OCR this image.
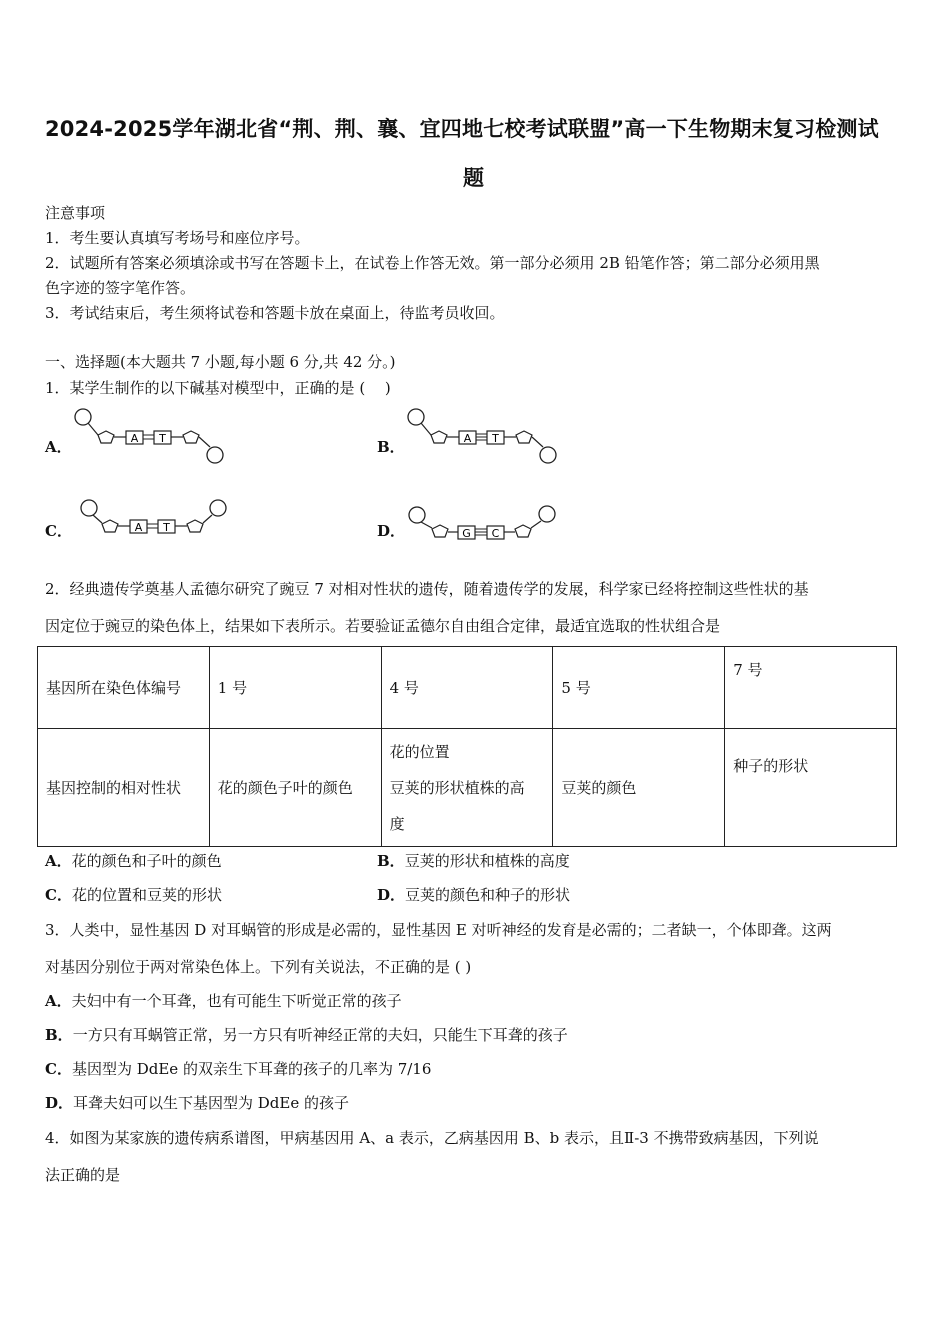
2024-2025学年湖北省“荆、荆、襄、宜四地七校考试联盟”高一下生物期末复习检测试
题
注意事项
1．考生要认真填写考场号和座位序号。
2．试题所有答案必须填涂或书写在答题卡上，在试卷上作答无效。第一部分必须用 2B 铅笔作答；第二部分必须用黑
色字迹的签字笔作答。
3．考试结束后，考生须将试卷和答题卡放在桌面上，待监考员收回。
一、选择题(本大题共 7 小题,每小题 6 分,共 42 分。)
1．某学生制作的以下碱基对模型中，正确的是 (　 )
A．	A T	B．	A T
C．	A T	D．	G C
2．经典遗传学奠基人孟德尔研究了豌豆 7 对相对性状的遗传，随着遗传学的发展，科学家已经将控制这些性状的基
因定位于豌豆的染色体上，结果如下表所示。若要验证孟德尔自由组合定律，最适宜选取的性状组合是
基因所在染色体编号	1 号	4 号	5 号	7 号
基因控制的相对性状	花的颜色子叶的颜色	花的位置
豆荚的形状植株的高
度	豆荚的颜色	种子的形状
A．花的颜色和子叶的颜色	B．豆荚的形状和植株的高度
C．花的位置和豆荚的形状	D．豆荚的颜色和种子的形状
3．人类中，显性基因 D 对耳蜗管的形成是必需的，显性基因 E 对听神经的发育是必需的；二者缺一，个体即聋。这两
对基因分别位于两对常染色体上。下列有关说法，不正确的是 ( )
A．夫妇中有一个耳聋，也有可能生下听觉正常的孩子
B．一方只有耳蜗管正常，另一方只有听神经正常的夫妇，只能生下耳聋的孩子
C．基因型为 DdEe 的双亲生下耳聋的孩子的几率为 7/16
D．耳聋夫妇可以生下基因型为 DdEe 的孩子
4．如图为某家族的遗传病系谱图，甲病基因用 A、a 表示，乙病基因用 B、b 表示，且Ⅱ-3 不携带致病基因，下列说
法正确的是
